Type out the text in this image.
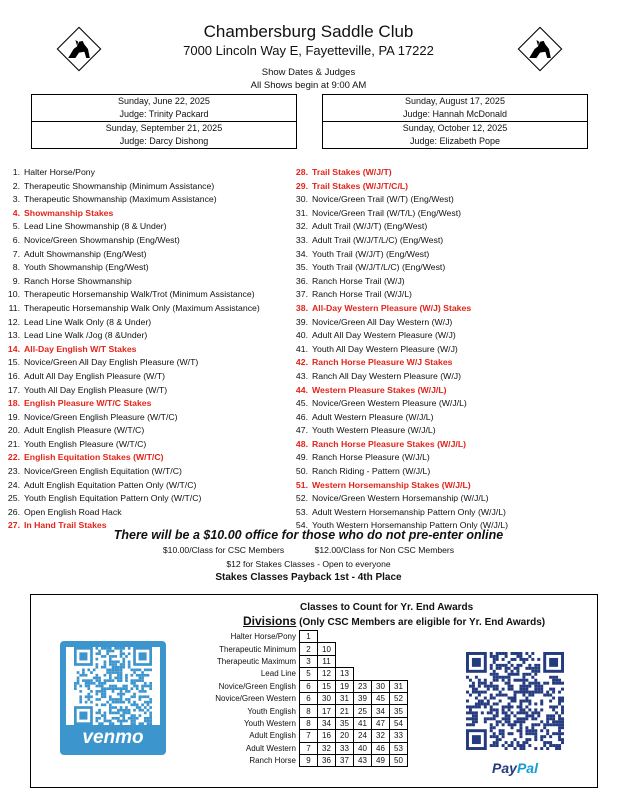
Chambersburg Saddle Club
7000 Lincoln Way E, Fayetteville, PA 17222
Show Dates & Judges
All Shows begin at 9:00 AM
Sunday, June 22, 2025
Judge: Trinity Packard
Sunday, September 21, 2025
Judge: Darcy Dishong
Sunday, August 17, 2025
Judge: Hannah McDonald
Sunday, October 12, 2025
Judge: Elizabeth Pope
1. Halter Horse/Pony
2. Therapeutic Showmanship (Minimum Assistance)
3. Therapeutic Showmanship (Maximum Assistance)
4. Showmanship Stakes
5. Lead Line Showmanship (8 & Under)
6. Novice/Green Showmanship (Eng/West)
7. Adult Showmanship (Eng/West)
8. Youth Showmanship (Eng/West)
9. Ranch Horse Showmanship
10. Therapeutic Horsemanship Walk/Trot (Minimum Assistance)
11. Therapeutic Horsemanship Walk Only (Maximum Assistance)
12. Lead Line Walk Only (8 & Under)
13. Lead Line Walk /Jog (8 &Under)
14. All-Day English W/T Stakes
15. Novice/Green All Day English Pleasure (W/T)
16. Adult All Day English Pleasure (W/T)
17. Youth All Day English Pleasure (W/T)
18. English Pleasure W/T/C Stakes
19. Novice/Green English Pleasure (W/T/C)
20. Adult English Pleasure (W/T/C)
21. Youth English Pleasure (W/T/C)
22. English Equitation Stakes (W/T/C)
23. Novice/Green English Equitation (W/T/C)
24. Adult English Equitation Patten Only (W/T/C)
25. Youth English Equitation Pattern Only (W/T/C)
26. Open English Road Hack
27. In Hand Trail Stakes
28. Trail Stakes (W/J/T)
29. Trail Stakes (W/J/T/C/L)
30. Novice/Green Trail (W/T) (Eng/West)
31. Novice/Green Trail (W/T/L) (Eng/West)
32. Adult Trail (W/J/T) (Eng/West)
33. Adult Trail (W/J/T/L/C) (Eng/West)
34. Youth Trail (W/J/T) (Eng/West)
35. Youth Trail (W/J/T/L/C) (Eng/West)
36. Ranch Horse Trail (W/J)
37. Ranch Horse Trail (W/J/L)
38. All-Day Western Pleasure (W/J) Stakes
39. Novice/Green All Day Western (W/J)
40. Adult All Day Western Pleasure (W/J)
41. Youth All Day Western Pleasure (W/J)
42. Ranch Horse Pleasure W/J Stakes
43. Ranch All Day Western Pleasure (W/J)
44. Western Pleasure Stakes (W/J/L)
45. Novice/Green Western Pleasure (W/J/L)
46. Adult Western Pleasure (W/J/L)
47. Youth Western Pleasure (W/J/L)
48. Ranch Horse Pleasure Stakes (W/J/L)
49. Ranch Horse Pleasure (W/J/L)
50. Ranch Riding - Pattern (W/J/L)
51. Western Horsemanship Stakes (W/J/L)
52. Novice/Green Western Horsemanship (W/J/L)
53. Adult Western Horsemanship Pattern Only (W/J/L)
54. Youth Western Horsemanship Pattern Only (W/J/L)
There will be a $10.00 office for those who do not pre-enter online
$10.00/Class for CSC Members	$12.00/Class for Non CSC Members
$12 for Stakes Classes - Open to everyone
Stakes Classes Payback 1st - 4th Place
Classes to Count for Yr. End Awards
Divisions (Only CSC Members are eligible for Yr. End Awards)
Halter Horse/Pony	1					
Therapeutic Minimum	2	10				
Therapeutic Maximum	3	11				
Lead Line	5	12	13			
Novice/Green English	6	15	19	23	30	31
Novice/Green Western	6	30	31	39	45	52
Youth English	8	17	21	25	34	35
Youth Western	8	34	35	41	47	54
Adult English	7	16	20	24	32	33
Adult Western	7	32	33	40	46	53
Ranch Horse	9	36	37	43	49	50
venmo
PayPal
